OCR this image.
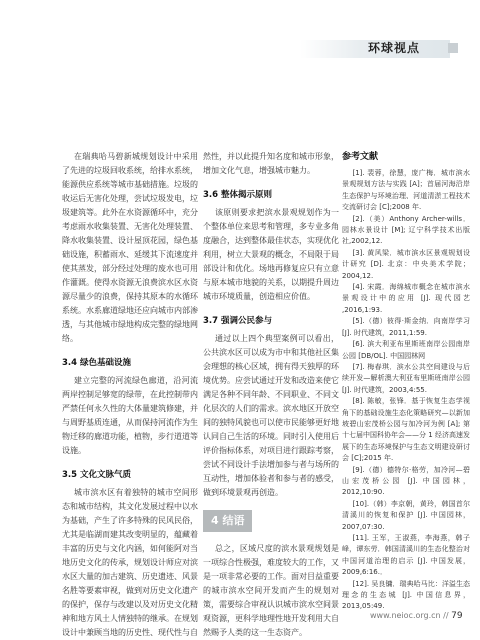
环球视点

在瑞典哈马碧新城规划设计中采用了先进的垃圾回收系统，给排水系统，能源供应系统等城市基础措施。垃圾的收运后无害化处理，尝试垃圾发电，垃圾建筑等。此外在水资源循环中，充分考虑雨水收集装置、无害化处理装置、降水收集装置、设计屋顶花园，绿色基础设施，积蓄雨水、延缓其下流速度并使其蒸发，部分经过处理的废水也可用作灌溉。使得水资源无浪费滨水区水资源尽量少的浪费，保持其原本的水循环系统。水系廊道绿地还应向城市内部渗透，与其他城市绿地构成完整的绿地网络。

3.4 绿色基础设施

建立完整的河流绿色廊道，沿河流两岸控制足够宽的绿带，在此控制带内严禁任何永久性的大体量建筑修建，并与周野基质连通，从而保持河流作为生物迁移的廊道功能，植物，步行道道等设施。

3.5 文化文脉气质

城市滨水区有着独特的城市空间形态和城市结构，其文化发展过程中以水为基础，产生了许多特殊的民风民俗，尤其是临湖而建其改变明显的，蕴藏着丰富的历史与文化内涵，如何能阿对当地历史文化的传承，规划设计师应对滨水区大量的加古建筑、历史遗迹、风景名胜等要素审视，做到对历史文化遗产的保护，保存与改建以及对历史文化精神和地方风土人情独特的继承。在规划设计中兼顾当地的历史性、现代性与自

然性，并以此提升知名度和城市形象，增加文化气息，增强城市魅力。

3.6 整体揭示原则

该原则要求把滨水景观规划作为一个整体单位来思考和管理，多专业多角度融合，达到整体最佳状态，实现优化利用，树立大景观的概念，不局限于局部设计和优化。场地再修复应只有立意与原本城市地貌的关系，以期提升周边城市环境质量，创造相应价值。

3.7 强调公民参与

通过以上四个典型案例可以看出，公共滨水区可以成为市中和其他社区集会理想的核心区域，拥有得天独厚的环境优势。应尝试通过开发和改造来使它满足各种不同年龄、不同职业、不同文化层次的人们的需求。滨水地区开放空间的独特风貌也可以使市民能够更好地认同自己生活的环境。同时引入使用后评价指标体系，对项目进行跟踪考察，尝试不同设计手法增加参与者与场所的互动性，增加体验者和参与者的感受，做到环境景观再创造。

4 结语

总之，区域尺度的滨水景观规划是一项综合性极强，难度较大的工作，又是一项非常必要的工作。面对目益重要的城市滨水空间开发而产生的规划对策，需要综合审视认识城市滨水空间景观资源，更科学地理性地开发利用大自然赐予人类的这一生态资产。

参考文献

[1]. 裴蓉，徐慧，庞广梅．城市滨水景观规划方法与实践 [A]；首届河海沿岸生态保护与环境治理、河道清淤工程技术交流研讨会 [C];2008 年.

[2].（美）Anthony Archer-wills．园林水景设计 [M]; 辽宁科学技术出版社,2002,12.

[3]. 黄风梁．城市滨水区景观规划设计研究 [D]. 北京：中央美术学院；2004,12.

[4]. 宋霞．海绵城市概念在城市滨水景观设计中的应用 [J]. 现代园艺 ,2016,1:93.

[5].（德）彼得·斯金纳．向南岸学习 [J]. 时代建筑，2011,1:59.

[6]. 滨大利亚布里斯班南岸公园南岸公园 [DB/OL]. 中国园林网

[7]. 梅春琪．滨水公共空间建设与后续开发—解析澳大利亚布里斯班南岸公园 [J]. 时代建筑，2003,4:55.

[8]. 陈敏，张锋．基于恢复生态学视角下的基础设施生态化策略研究—以新加坡碧山宏茂桥公园与加冷河为例 [A]; 第十七届中国科协年会——分 1 经济高速发展下的生态环境保护与生态文明建设研讨会 [C];2015 年.

[9].（德）德特尔·格劳，加冷河—碧山宏茂桥公园 [J]. 中国园林，2012,10:90.

[10].（韩）李京朝，黄玲，韩国首尔清溪川的恢复和保护 [J]. 中国园林，2007,07:30.

[11]. 王军，王淑燕，李海燕，韩子峰，谭东劳．韩国清溪川的生态化整治对中国河道治理的启示 [J]. 中国发展，2009,6:16.．

[12]. 吴良镛．瑞典哈马比：洋溢生态理念的生态城 [J]. 中国信息界，2013,05:49.

www.neioc.org.cn // 79
